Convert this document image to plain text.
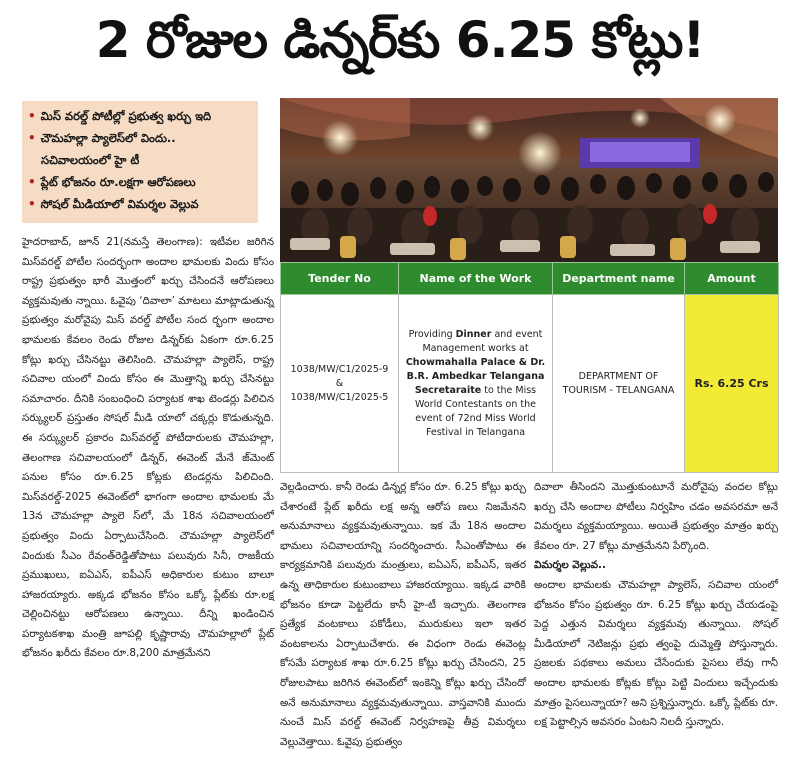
2 రోజుల డిన్నర్‌కు 6.25 కోట్లు!
• మిస్ వరల్డ్ పోటీల్లో ప్రభుత్వ ఖర్చు ఇది
• చౌమహల్లా ప్యాలెస్‌లో విందు..
సచివాలయంలో హై టీ
• ప్లేట్ భోజనం రూ.లక్షగా ఆరోపణలు
• సోషల్ మీడియాలో విమర్శల వెల్లువ
Tender No	Name of the Work	Department name	Amount

1038/MW/C1/2025-9
&
1038/MW/C1/2025-5	Providing Dinner and event Management works at Chowmahalla Palace & Dr. B.R. Ambedkar Telangana Secretaraite to the Miss World Contestants on the event of 72nd Miss World Festival in Telangana	DEPARTMENT OF TOURISM - TELANGANA	Rs. 6.25 Crs
హైదరాబాద్, జూన్ 21(నమస్తే తెలంగాణ): ఇటీవల జరిగిన మిస్‌వరల్డ్ పోటీల సందర్భంగా అందాల భామలకు విందు కోసం రాష్ట్ర ప్రభుత్వం భారీ మొత్తంలో ఖర్చు చేసిందనే ఆరోపణలు వ్యక్తమవుతు న్నాయి. ఓవైపు ‘దివాలా’ మాటలు మాట్లాడుతున్న ప్రభుత్వం మరోవైపు మిస్ వరల్డ్ పోటీల సంద ర్భంగా అందాల భామలకు కేవలం రెండు రోజుల డిన్నర్‌కు ఏకంగా రూ.6.25 కోట్లు ఖర్చు చేసినట్టు తెలిసింది. చౌమహల్లా ప్యాలెస్, రాష్ట్ర సచివాల యంలో విందు కోసం ఈ మొత్తాన్ని ఖర్చు చేసినట్టు సమాచారం. దీనికి సంబంధించి పర్యాటక శాఖ టెండర్లు పిలిచిన సర్క్యులర్ ప్రస్తుతం సోషల్ మీడి యాలో చక్కర్లు కొడుతున్నది. ఈ సర్క్యులర్ ప్రకారం మిస్‌వరల్డ్ పోటీదారులకు చౌమహల్లా, తెలంగాణ సచివాలయంలో డిన్నర్, ఈవెంట్ మేనే జ్‌మెంట్ పనుల కోసం రూ.6.25 కోట్లకు టెండర్లను పిలిచింది. మిస్‌వరల్డ్-2025 ఈవెంట్‌లో భాగంగా అందాల భామలకు మే 13న చౌమహల్లా ప్యాలె స్‌లో, మే 18న సచివాలయంలో ప్రభుత్వం విందు ఏర్పాటుచేసింది. చౌమహల్లా ప్యాలెస్‌లో విందుకు సీఎం రేవంత్‌రెడ్డితోపాటు పలువురు సినీ, రాజకీయ ప్రముఖులు, ఐఏఎస్, ఐపీఎస్ అధికారుల కుటుం బాలూ హాజరయ్యారు. అక్కడ భోజనం కోసం ఒక్కో ప్లేట్‌కు రూ.లక్ష చెల్లించినట్టు ఆరోపణలు ఉన్నాయి. దీన్ని ఖండించిన పర్యాటకశాఖ మంత్రి జూపల్లి కృష్ణారావు చౌమహల్లాలో ప్లేట్ భోజనం ఖరీదు కేవలం రూ.8,200 మాత్రమేనని
వెల్లడించారు. కానీ రెండు డిన్నర్ల కోసం రూ. 6.25 కోట్లు ఖర్చు చేశారంటే ప్లేట్ ఖరీదు లక్ష అన్న ఆరోప ణలు నిజమేనని అనుమానాలు వ్యక్తమవుతున్నాయి. ఇక మే 18న అందాల భామలు సచివాలయాన్ని సందర్శించారు. సీఎంతోపాటు ఈ కార్యక్రమానికి పలువురు మంత్రులు, ఐఏఎస్, ఐపీఎస్, ఇతర ఉన్న తాధికారుల కుటుంబాలు హాజరయ్యాయి. ఇక్కడ వారికి భోజనం కూడా పెట్టలేదు కానీ హై-టీ ఇచ్చారు. తెలంగాణ ప్రత్యేక వంటకాలు పకోడీలు, మురుకులు ఇలా ఇతర వంటకాలను ఏర్పాటుచేశారు. ఈ విధంగా రెండు ఈవెంట్ల కోసమే పర్యాటక శాఖ రూ.6.25 కోట్లు ఖర్చు చేసిందని, 25 రోజులపాటు జరిగిన ఈవెంట్‌లో ఇంకెన్ని కోట్లు ఖర్చు చేసిందో అనే అనుమానాలు వ్యక్తమవుతున్నాయి. వాస్తవానికి ముందు నుంచే మిస్ వరల్డ్ ఈవెంట్ నిర్వహణపై తీవ్ర విమర్శలు వెల్లువెత్తాయి. ఓవైపు ప్రభుత్వం
దివాలా తీసిందని మొత్తుకుంటూనే మరోవైపు వందల కోట్లు ఖర్చు చేసి అందాల పోటీలు నిర్వహిం చడం అవసరమా అనే విమర్శలు వ్యక్తమయ్యాయి. అయితే ప్రభుత్వం మాత్రం ఖర్చు కేవలం రూ. 27 కోట్లు మాత్రమేనని పేర్కొంది.
విమర్శల వెల్లువ..
అందాల భామలకు చౌమహల్లా ప్యాలెస్, సచివాల యంలో భోజనం కోసం ప్రభుత్వం రూ. 6.25 కోట్లు ఖర్చు చేయడంపై పెద్ద ఎత్తున విమర్శలు వ్యక్తమవు తున్నాయి. సోషల్ మీడియాలో నెటిజన్లు ప్రభు త్వంపై దుమ్మెత్తి పోస్తున్నారు. ప్రజలకు పథకాలు అమలు చేసేందుకు పైసలు లేవు గానీ అందాల భామలకు కోట్లకు కోట్లు పెట్టి విందులు ఇచ్చేందుకు మాత్రం పైసలున్నాయా? అని ప్రశ్నిస్తున్నారు. ఒక్కో ప్లేట్‌కు రూ. లక్ష పెట్టాల్సిన అవసరం ఏంటని నిలదీ స్తున్నారు.
